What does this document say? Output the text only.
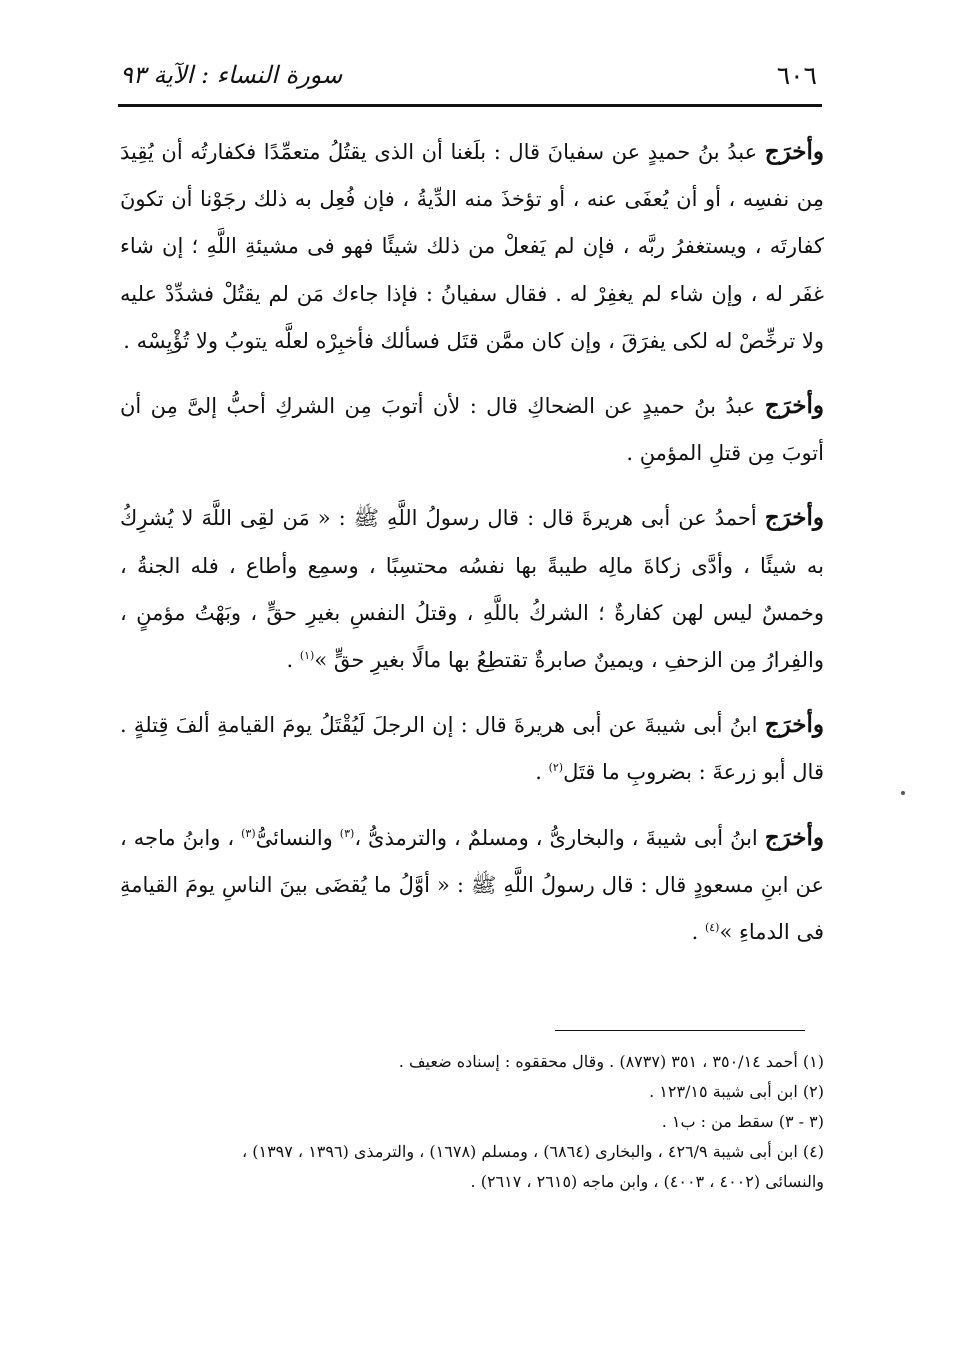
٦٠٦
سورة النساء : الآية ٩٣

وأخرَج عبدُ بنُ حميدٍ عن سفيانَ قال : بلَغنا أن الذى يقتُلُ متعمِّدًا فكفارتُه أن يُقِيدَ مِن نفسِه ، أو أن يُعفَى عنه ، أو تؤخذَ منه الدِّيةُ ، فإن فُعِل به ذلك رجَوْنا أن تكونَ كفارتَه ، ويستغفرُ ربَّه ، فإن لم يَفعلْ من ذلك شيئًا فهو فى مشيئةِ اللَّهِ ؛ إن شاء غفَر له ، وإن شاء لم يغفِرْ له . فقال سفيانُ : فإذا جاءك مَن لم يقتُلْ فشدِّدْ عليه ولا ترخِّصْ له لكى يفرَقَ ، وإن كان ممَّن قتَل فسألك فأخبِرْه لعلَّه يتوبُ ولا تُؤْيِسْه .

وأخرَج عبدُ بنُ حميدٍ عن الضحاكِ قال : لأن أتوبَ مِن الشركِ أحبُّ إلىَّ مِن أن أتوبَ مِن قتلِ المؤمنِ .

وأخرَج أحمدُ عن أبى هريرةَ قال : قال رسولُ اللَّهِ ﷺ : « مَن لقِى اللَّهَ لا يُشرِكُ به شيئًا ، وأدَّى زكاةَ مالِه طيبةً بها نفسُه محتسِبًا ، وسمِع وأطاع ، فله الجنةُ ، وخمسٌ ليس لهن كفارةٌ ؛ الشركُ باللَّهِ ، وقتلُ النفسِ بغيرِ حقٍّ ، وبَهْتُ مؤمنٍ ، والفِرارُ مِن الزحفِ ، ويمينٌ صابرةٌ تقتطِعُ بها مالًا بغيرِ حقٍّ »$^{(١)}$ .

وأخرَج ابنُ أبى شيبةَ عن أبى هريرةَ قال : إن الرجلَ لَيُقْتَلُ يومَ القيامةِ ألفَ قِتلةٍ . قال أبو زرعةَ : بضروبِ ما قتَل$^{(٢)}$ .

وأخرَج ابنُ أبى شيبةَ ، والبخارىُّ ، ومسلمٌ ، والترمذىُّ ،$^{(٣)}$ والنسائىُّ$^{(٣)}$ ، وابنُ ماجه ، عن ابنِ مسعودٍ قال : قال رسولُ اللَّهِ ﷺ : « أوَّلُ ما يُقضَى بينَ الناسِ يومَ القيامةِ فى الدماءِ »$^{(٤)}$ .

(١) أحمد ٣٥٠/١٤ ، ٣٥١ (٨٧٣٧) . وقال محققوه : إسناده ضعيف .

(٢) ابن أبى شيبة ١٢٣/١٥ .

(٣ - ٣) سقط من : ب١ .

(٤) ابن أبى شيبة ٤٢٦/٩ ، والبخارى (٦٨٦٤) ، ومسلم (١٦٧٨) ، والترمذى (١٣٩٦ ، ١٣٩٧) ،

والنسائى (٤٠٠٢ ، ٤٠٠٣) ، وابن ماجه (٢٦١٥ ، ٢٦١٧) .
